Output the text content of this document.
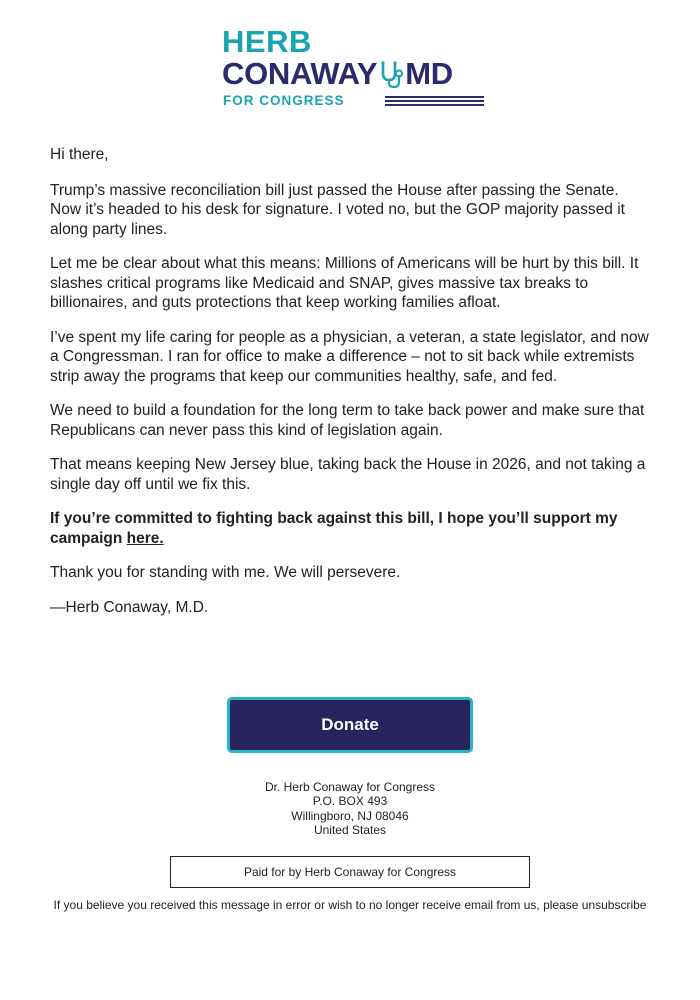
HERB
CONAWAY MD
FOR CONGRESS

Hi there,

Trump’s massive reconciliation bill just passed the House after passing the Senate. Now it’s headed to his desk for signature. I voted no, but the GOP majority passed it along party lines.

Let me be clear about what this means: Millions of Americans will be hurt by this bill. It slashes critical programs like Medicaid and SNAP, gives massive tax breaks to billionaires, and guts protections that keep working families afloat.

I’ve spent my life caring for people as a physician, a veteran, a state legislator, and now a Congressman. I ran for office to make a difference – not to sit back while extremists strip away the programs that keep our communities healthy, safe, and fed.

We need to build a foundation for the long term to take back power and make sure that Republicans can never pass this kind of legislation again.

That means keeping New Jersey blue, taking back the House in 2026, and not taking a single day off until we fix this.

If you’re committed to fighting back against this bill, I hope you’ll support my campaign here.

Thank you for standing with me. We will persevere.

—Herb Conaway, M.D.

Donate
Dr. Herb Conaway for Congress
P.O. BOX 493
Willingboro, NJ 08046
United States
Paid for by Herb Conaway for Congress
If you believe you received this message in error or wish to no longer receive email from us, please unsubscribe
